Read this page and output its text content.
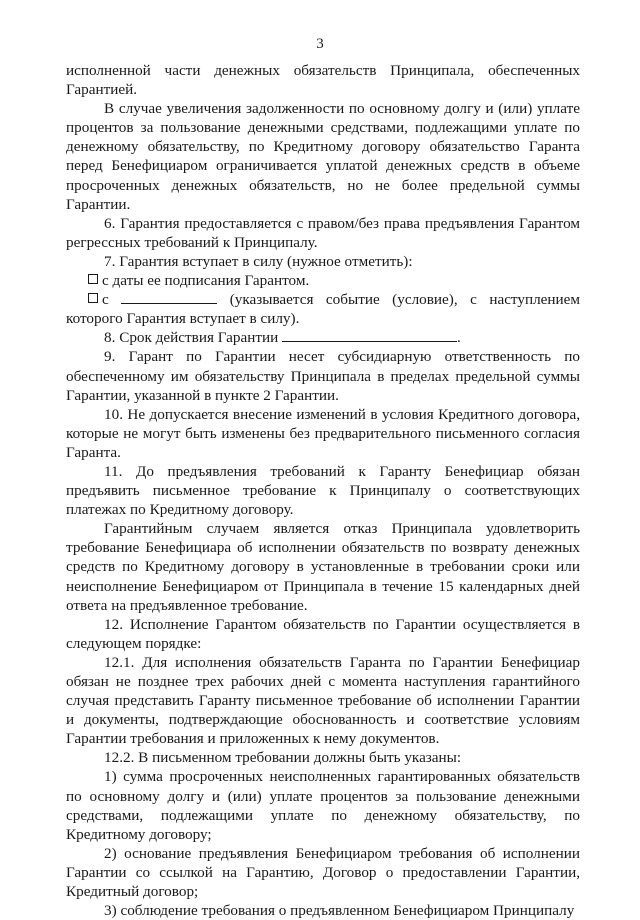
3

исполненной части денежных обязательств Принципала, обеспеченных Гарантией.

В случае увеличения задолженности по основному долгу и (или) уплате процентов за пользование денежными средствами, подлежащими уплате по денежному обязательству, по Кредитному договору обязательство Гаранта перед Бенефициаром ограничивается уплатой денежных средств в объеме просроченных денежных обязательств, но не более предельной суммы Гарантии.

6. Гарантия предоставляется с правом/без права предъявления Гарантом регрессных требований к Принципалу.

7. Гарантия вступает в силу (нужное отметить):

с даты ее подписания Гарантом.

с	(указывается событие (условие), с наступлением которого Гарантия вступает в силу).

8. Срок действия Гарантии	.

9. Гарант по Гарантии несет субсидиарную ответственность по обеспеченному им обязательству Принципала в пределах предельной суммы Гарантии, указанной в пункте 2 Гарантии.

10. Не допускается внесение изменений в условия Кредитного договора, которые не могут быть изменены без предварительного письменного согласия Гаранта.

11. До предъявления требований к Гаранту Бенефициар обязан предъявить письменное требование к Принципалу о соответствующих платежах по Кредитному договору.

Гарантийным случаем является отказ Принципала удовлетворить требование Бенефициара об исполнении обязательств по возврату денежных средств по Кредитному договору в установленные в требовании сроки или неисполнение Бенефициаром от Принципала в течение 15 календарных дней ответа на предъявленное требование.

12. Исполнение Гарантом обязательств по Гарантии осуществляется в следующем порядке:

12.1. Для исполнения обязательств Гаранта по Гарантии Бенефициар обязан не позднее трех рабочих дней с момента наступления гарантийного случая представить Гаранту письменное требование об исполнении Гарантии и документы, подтверждающие обоснованность и соответствие условиям Гарантии требования и приложенных к нему документов.

12.2. В письменном требовании должны быть указаны:

1) сумма просроченных неисполненных гарантированных обязательств по основному долгу и (или) уплате процентов за пользование денежными средствами, подлежащими уплате по денежному обязательству, по Кредитному договору;

2) основание предъявления Бенефициаром требования об исполнении Гарантии со ссылкой на Гарантию, Договор о предоставлении Гарантии, Кредитный договор;

3) соблюдение требования о предъявленном Бенефициаром Принципалу
